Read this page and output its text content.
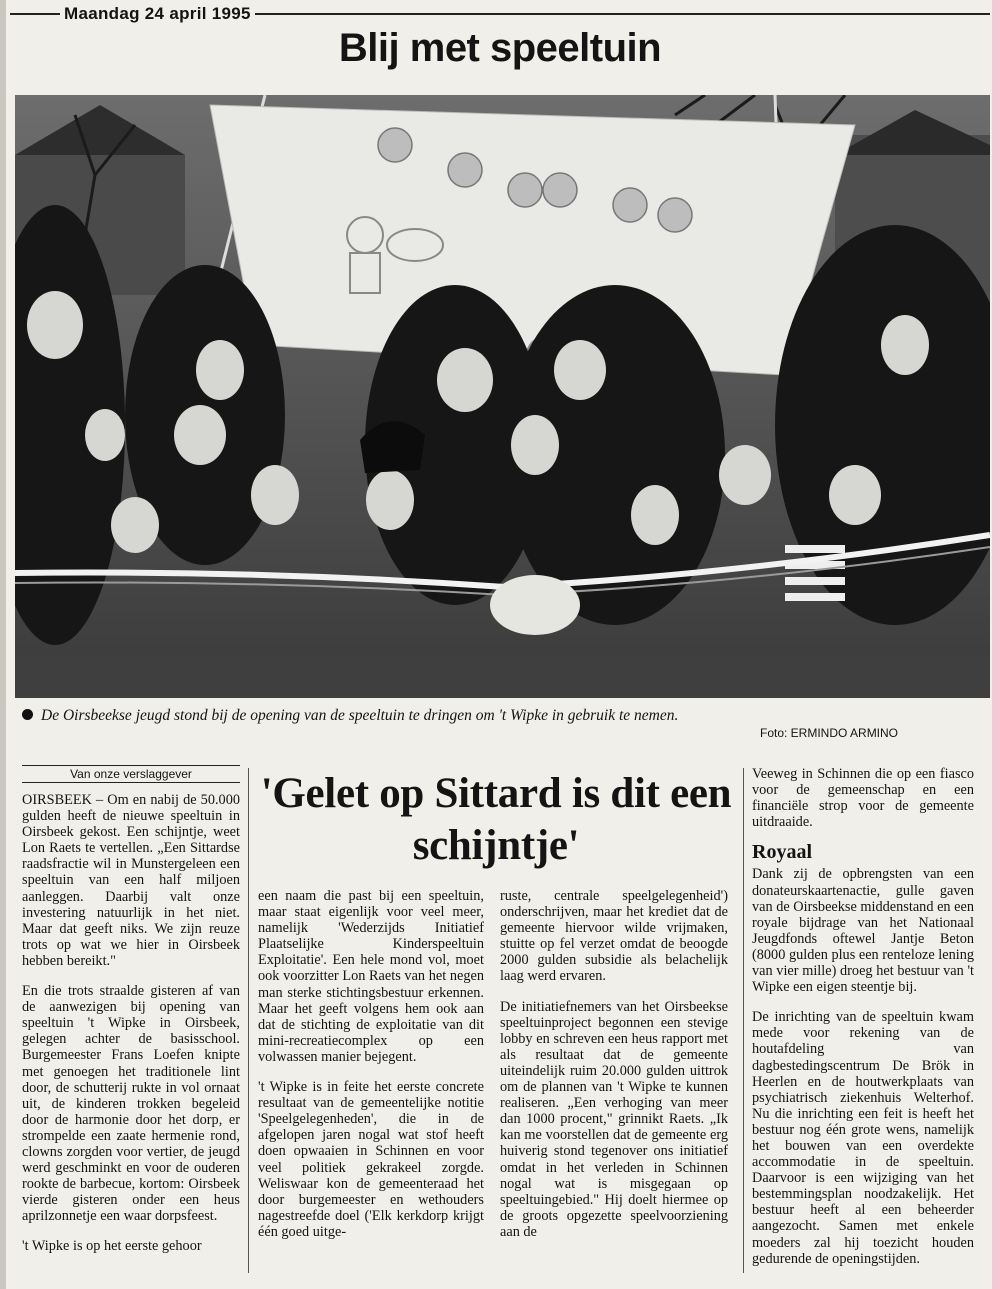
Maandag 24 april 1995
Blij met speeltuin
De Oirsbeekse jeugd stond bij de opening van de speeltuin te dringen om 't Wipke in gebruik te nemen.
Foto: ERMINDO ARMINO
Van onze verslaggever	'Gelet op Sittard is dit een schijntje'

OIRSBEEK – Om en nabij de 50.000 gulden heeft de nieuwe speeltuin in Oirsbeek gekost. Een schijntje, weet Lon Raets te vertellen. „Een Sittardse raadsfractie wil in Munstergeleen een speeltuin van een half miljoen aanleggen. Daarbij valt onze investering natuurlijk in het niet. Maar dat geeft niks. We zijn reuze trots op wat we hier in Oirsbeek hebben bereikt."

En die trots straalde gisteren af van de aanwezigen bij opening van speeltuin 't Wipke in Oirsbeek, gelegen achter de basisschool. Burgemeester Frans Loefen knipte met genoegen het traditionele lint door, de schutterij rukte in vol ornaat uit, de kinderen trokken begeleid door de harmonie door het dorp, er strompelde een zaate hermenie rond, clowns zorgden voor vertier, de jeugd werd geschminkt en voor de ouderen rookte de barbecue, kortom: Oirsbeek vierde gisteren onder een heus aprilzonnetje een waar dorpsfeest.

't Wipke is op het eerste gehoor

een naam die past bij een speeltuin, maar staat eigenlijk voor veel meer, namelijk 'Wederzijds Initiatief Plaatselijke Kinderspeeltuin Exploitatie'. Een hele mond vol, moet ook voorzitter Lon Raets van het negen man sterke stichtingsbestuur erkennen. Maar het geeft volgens hem ook aan dat de stichting de exploitatie van dit mini-recreatiecomplex op een volwassen manier bejegent.

't Wipke is in feite het eerste concrete resultaat van de gemeentelijke notitie 'Speelgelegenheden', die in de afgelopen jaren nogal wat stof heeft doen opwaaien in Schinnen en voor veel politiek gekrakeel zorgde. Weliswaar kon de gemeenteraad het door burgemeester en wethouders nagestreefde doel ('Elk kerkdorp krijgt één goed uitge-

ruste, centrale speelgelegenheid') onderschrijven, maar het krediet dat de gemeente hiervoor wilde vrijmaken, stuitte op fel verzet omdat de beoogde 2000 gulden subsidie als belachelijk laag werd ervaren.

De initiatiefnemers van het Oirsbeekse speeltuinproject begonnen een stevige lobby en schreven een heus rapport met als resultaat dat de gemeente uiteindelijk ruim 20.000 gulden uittrok om de plannen van 't Wipke te kunnen realiseren. „Een verhoging van meer dan 1000 procent," grinnikt Raets. „Ik kan me voorstellen dat de gemeente erg huiverig stond tegenover ons initiatief omdat in het verleden in Schinnen nogal wat is misgegaan op speeltuingebied." Hij doelt hiermee op de groots opgezette speelvoorziening aan de

Veeweg in Schinnen die op een fiasco voor de gemeenschap en een financiële strop voor de gemeente uitdraaide.

Royaal

Dank zij de opbrengsten van een donateurskaartenactie, gulle gaven van de Oirsbeekse middenstand en een royale bijdrage van het Nationaal Jeugdfonds oftewel Jantje Beton (8000 gulden plus een renteloze lening van vier mille) droeg het bestuur van 't Wipke een eigen steentje bij.

De inrichting van de speeltuin kwam mede voor rekening van de houtafdeling van dagbestedingscentrum De Brök in Heerlen en de houtwerkplaats van psychiatrisch ziekenhuis Welterhof. Nu die inrichting een feit is heeft het bestuur nog één grote wens, namelijk het bouwen van een overdekte accommodatie in de speeltuin. Daarvoor is een wijziging van het bestemmingsplan noodzakelijk. Het bestuur heeft al een beheerder aangezocht. Samen met enkele moeders zal hij toezicht houden gedurende de openingstijden.
